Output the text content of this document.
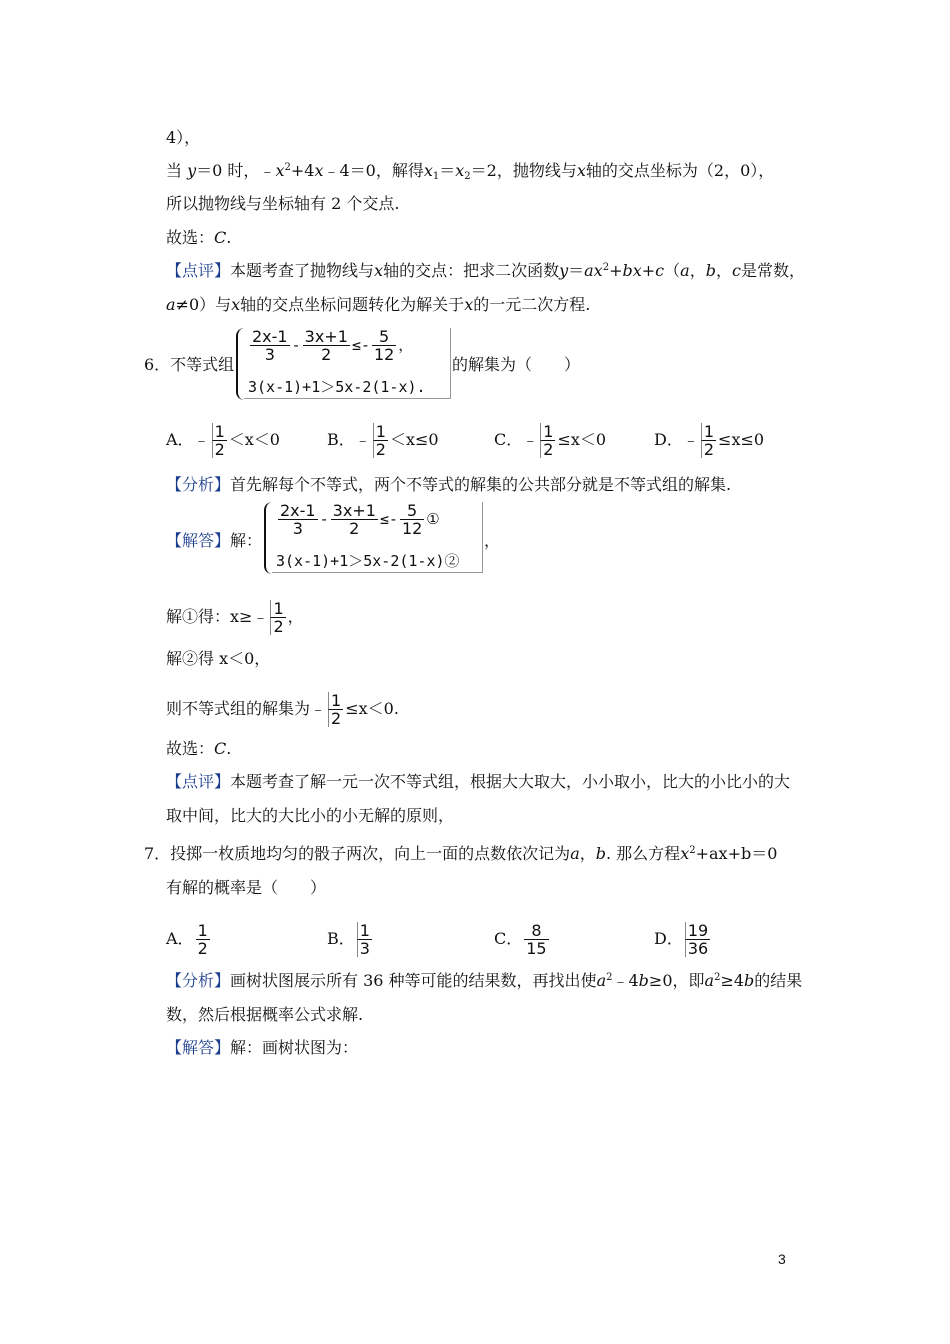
4），
当 y＝0 时，$﹣x^2+4x﹣4=0$，解得$x_1=x_2=2$，抛物线与x轴的交点坐标为（2，0），
所以抛物线与坐标轴有 2 个交点.
故选：C.
【点评】本题考查了抛物线与x轴的交点：把求二次函数$y=ax^2+bx+c(a$，b，c是常数，
a≠0）与x轴的交点坐标问题转化为解关于x的一元二次方程.
6．不等式组
$\frac{2x-1}{3} - \frac{3x+1}{2} \le- \frac{5}{12}$ ，
3(x-1)+1＞5x-2(1-x).
的解集为（　　）
A．﹣ $\frac{1}{2} <x<0$	B．﹣ $\frac{1}{2} <x\le 0$	C．﹣ $\frac{1}{2} \le x<0$	D．﹣ $\frac{1}{2} \le x\le 0$
【分析】首先解每个不等式，两个不等式的解集的公共部分就是不等式组的解集.
【解答】解：
$\frac{2x-1}{3} - \frac{3x+1}{2} \le- \frac{5}{12}$ ①
3(x-1)+1＞5x-2(1-x)②
，
解①得：x≥﹣ $\frac{1}{2}$ ，
解②得 x＜0，
则不等式组的解集为﹣ $\frac{1}{2} \le x<0$.
故选：C.
【点评】本题考查了解一元一次不等式组，根据大大取大，小小取小，比大的小比小的大
取中间，比大的大比小的小无解的原则，
7．投掷一枚质地均匀的骰子两次，向上一面的点数依次记为a，b. 那么方程$x^2+ax+b=0$
有解的概率是（　　）
A． $\frac{1}{2}$	B． $\frac{1}{3}$	C． $\frac{8}{15}$	D． $\frac{19}{36}$
【分析】画树状图展示所有 36 种等可能的结果数，再找出使$a^2﹣4b\ge 0$，即$a^2\ge 4b$的结果
数，然后根据概率公式求解.
【解答】解：画树状图为：
3
